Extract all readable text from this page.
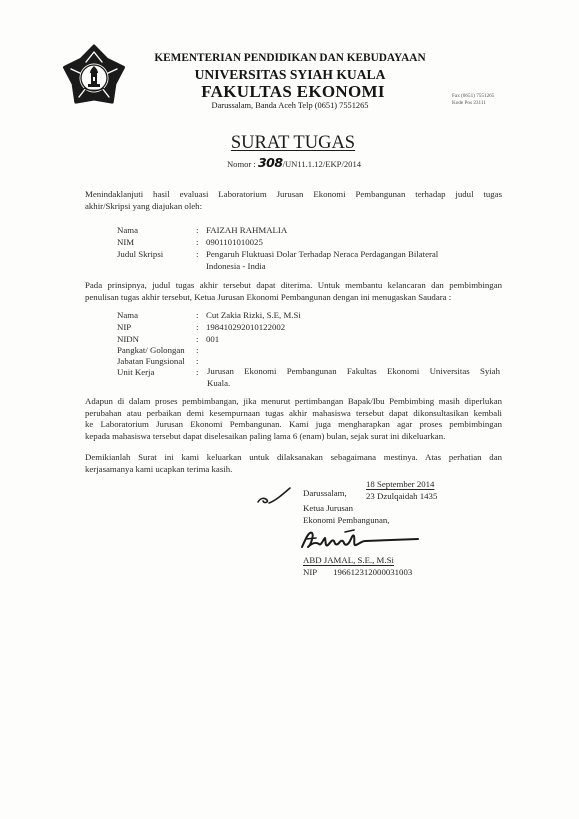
KEMENTERIAN PENDIDIKAN DAN KEBUDAYAAN
UNIVERSITAS SYIAH KUALA
FAKULTAS EKONOMI
Darussalam, Banda Aceh Telp (0651) 7551265
Fax (0651) 7551265
Kode Pos 23111
SURAT TUGAS
Nomor : 308/UN11.1.12/EKP/2014
Menindaklanjuti hasil evaluasi Laboratorium Jurusan Ekonomi Pembangunan terhadap judul tugas
akhir/Skripsi yang diajukan oleh:
Nama	: FAIZAH RAHMALIA
NIM	: 0901101010025
Judul Skripsi	: Pengaruh Fluktuasi Dolar Terhadap Neraca Perdagangan Bilateral
Indonesia - India
Pada prinsipnya, judul tugas akhir tersebut dapat diterima. Untuk membantu kelancaran dan pembimbingan
penulisan tugas akhir tersebut, Ketua Jurusan Ekonomi Pembangunan dengan ini menugaskan Saudara :
Nama	: Cut Zakia Rizki, S.E, M.Si
NIP	: 198410292010122002
NIDN	: 001
Pangkat/ Golongan :
Jabatan Fungsional :
Unit Kerja	: Jurusan Ekonomi Pembangunan Fakultas Ekonomi Universitas Syiah
Kuala.
Adapun di dalam proses pembimbangan, jika menurut pertimbangan Bapak/Ibu Pembimbing masih diperlukan
perubahan atau perbaikan demi kesempurnaan tugas akhir mahasiswa tersebut dapat dikonsultasikan kembali
ke Laboratorium Jurusan Ekonomi Pembangunan. Kami juga mengharapkan agar proses pembimbingan
kepada mahasiswa tersebut dapat diselesaikan paling lama 6 (enam) bulan, sejak surat ini dikeluarkan.
Demikianlah Surat ini kami keluarkan untuk dilaksanakan sebagaimana mestinya. Atas perhatian dan
kerjasamanya kami ucapkan terima kasih.
Darussalam,
18 September 2014
23 Dzulqaidah 1435
Ketua Jurusan
Ekonomi Pembangunan,
ABD JAMAL, S.E., M.Si
NIP 196612312000031003
